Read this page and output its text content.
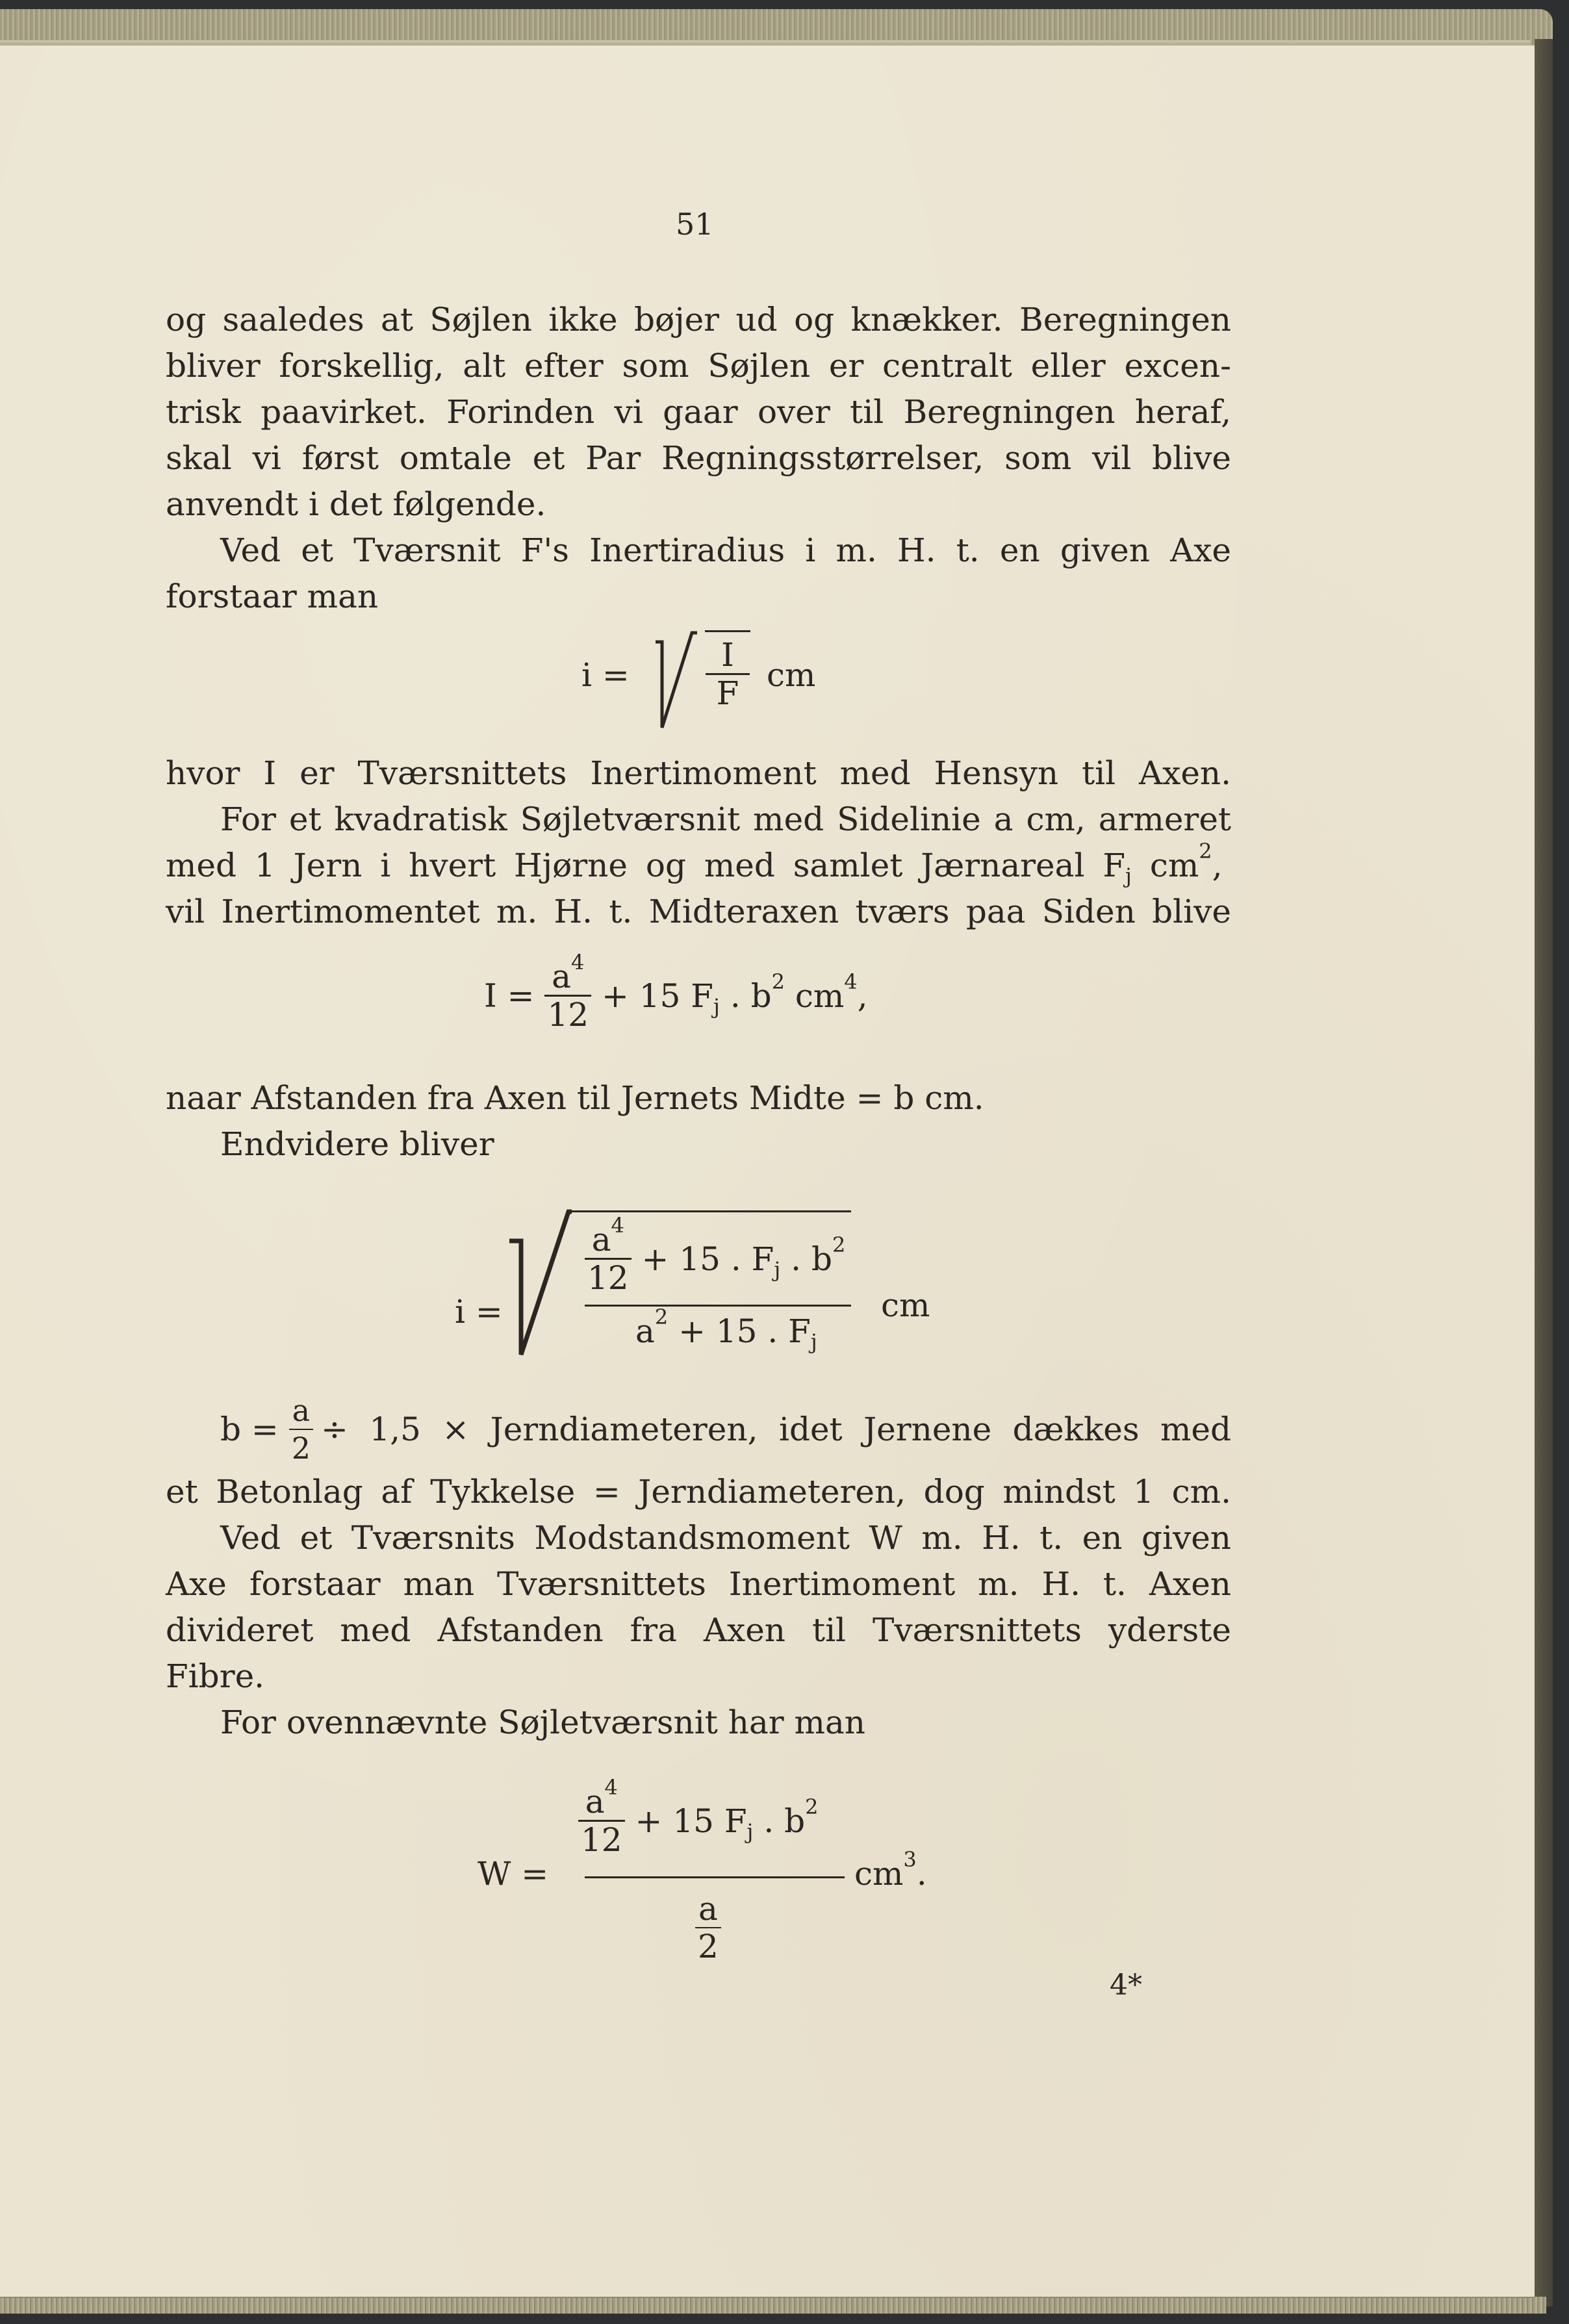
51
og saaledes at Søjlen ikke bøjer ud og knækker. Beregningen
bliver forskellig, alt efter som Søjlen er centralt eller excen-
trisk paavirket. Forinden vi gaar over til Beregningen heraf,
skal vi først omtale et Par Regningsstørrelser, som vil blive
anvendt i det følgende.
Ved et Tværsnit F's Inertiradius i m. H. t. en given Axe
forstaar man
$i = \frac{I}{F}$ cm
hvor I er Tværsnittets Inertimoment med Hensyn til Axen.
For et kvadratisk Søjletværsnit med Sidelinie a cm, armeret
med 1 Jern i hvert Hjørne og med samlet Jærnareal $F_j$ $cm^2$,
vil Inertimomentet m. H. t. Midteraxen tværs paa Siden blive
$I = \frac{a^4}{12} + 15$ $F_j$ . $b^2$ $cm^4$,
naar Afstanden fra Axen til Jernets Midte = b cm.
Endvidere bliver
i =
$\frac{a^4}{12} + 15$ . $F_j$ . $b^2$
$a^2 + 15$ . $F_j$
cm
$b = \frac{a}{2} \div 1,5$ × Jerndiameteren, idet Jernene dækkes med
et Betonlag af Tykkelse = Jerndiameteren, dog mindst 1 cm.
Ved et Tværsnits Modstandsmoment W m. H. t. en given
Axe forstaar man Tværsnittets Inertimoment m. H. t. Axen
divideret med Afstanden fra Axen til Tværsnittets yderste
Fibre.
For ovennævnte Søjletværsnit har man
W =
$\frac{a^4}{12} + 15$ $F_j$ . $b^2$
$\frac{a}{2}$
$cm^3$.
4*
